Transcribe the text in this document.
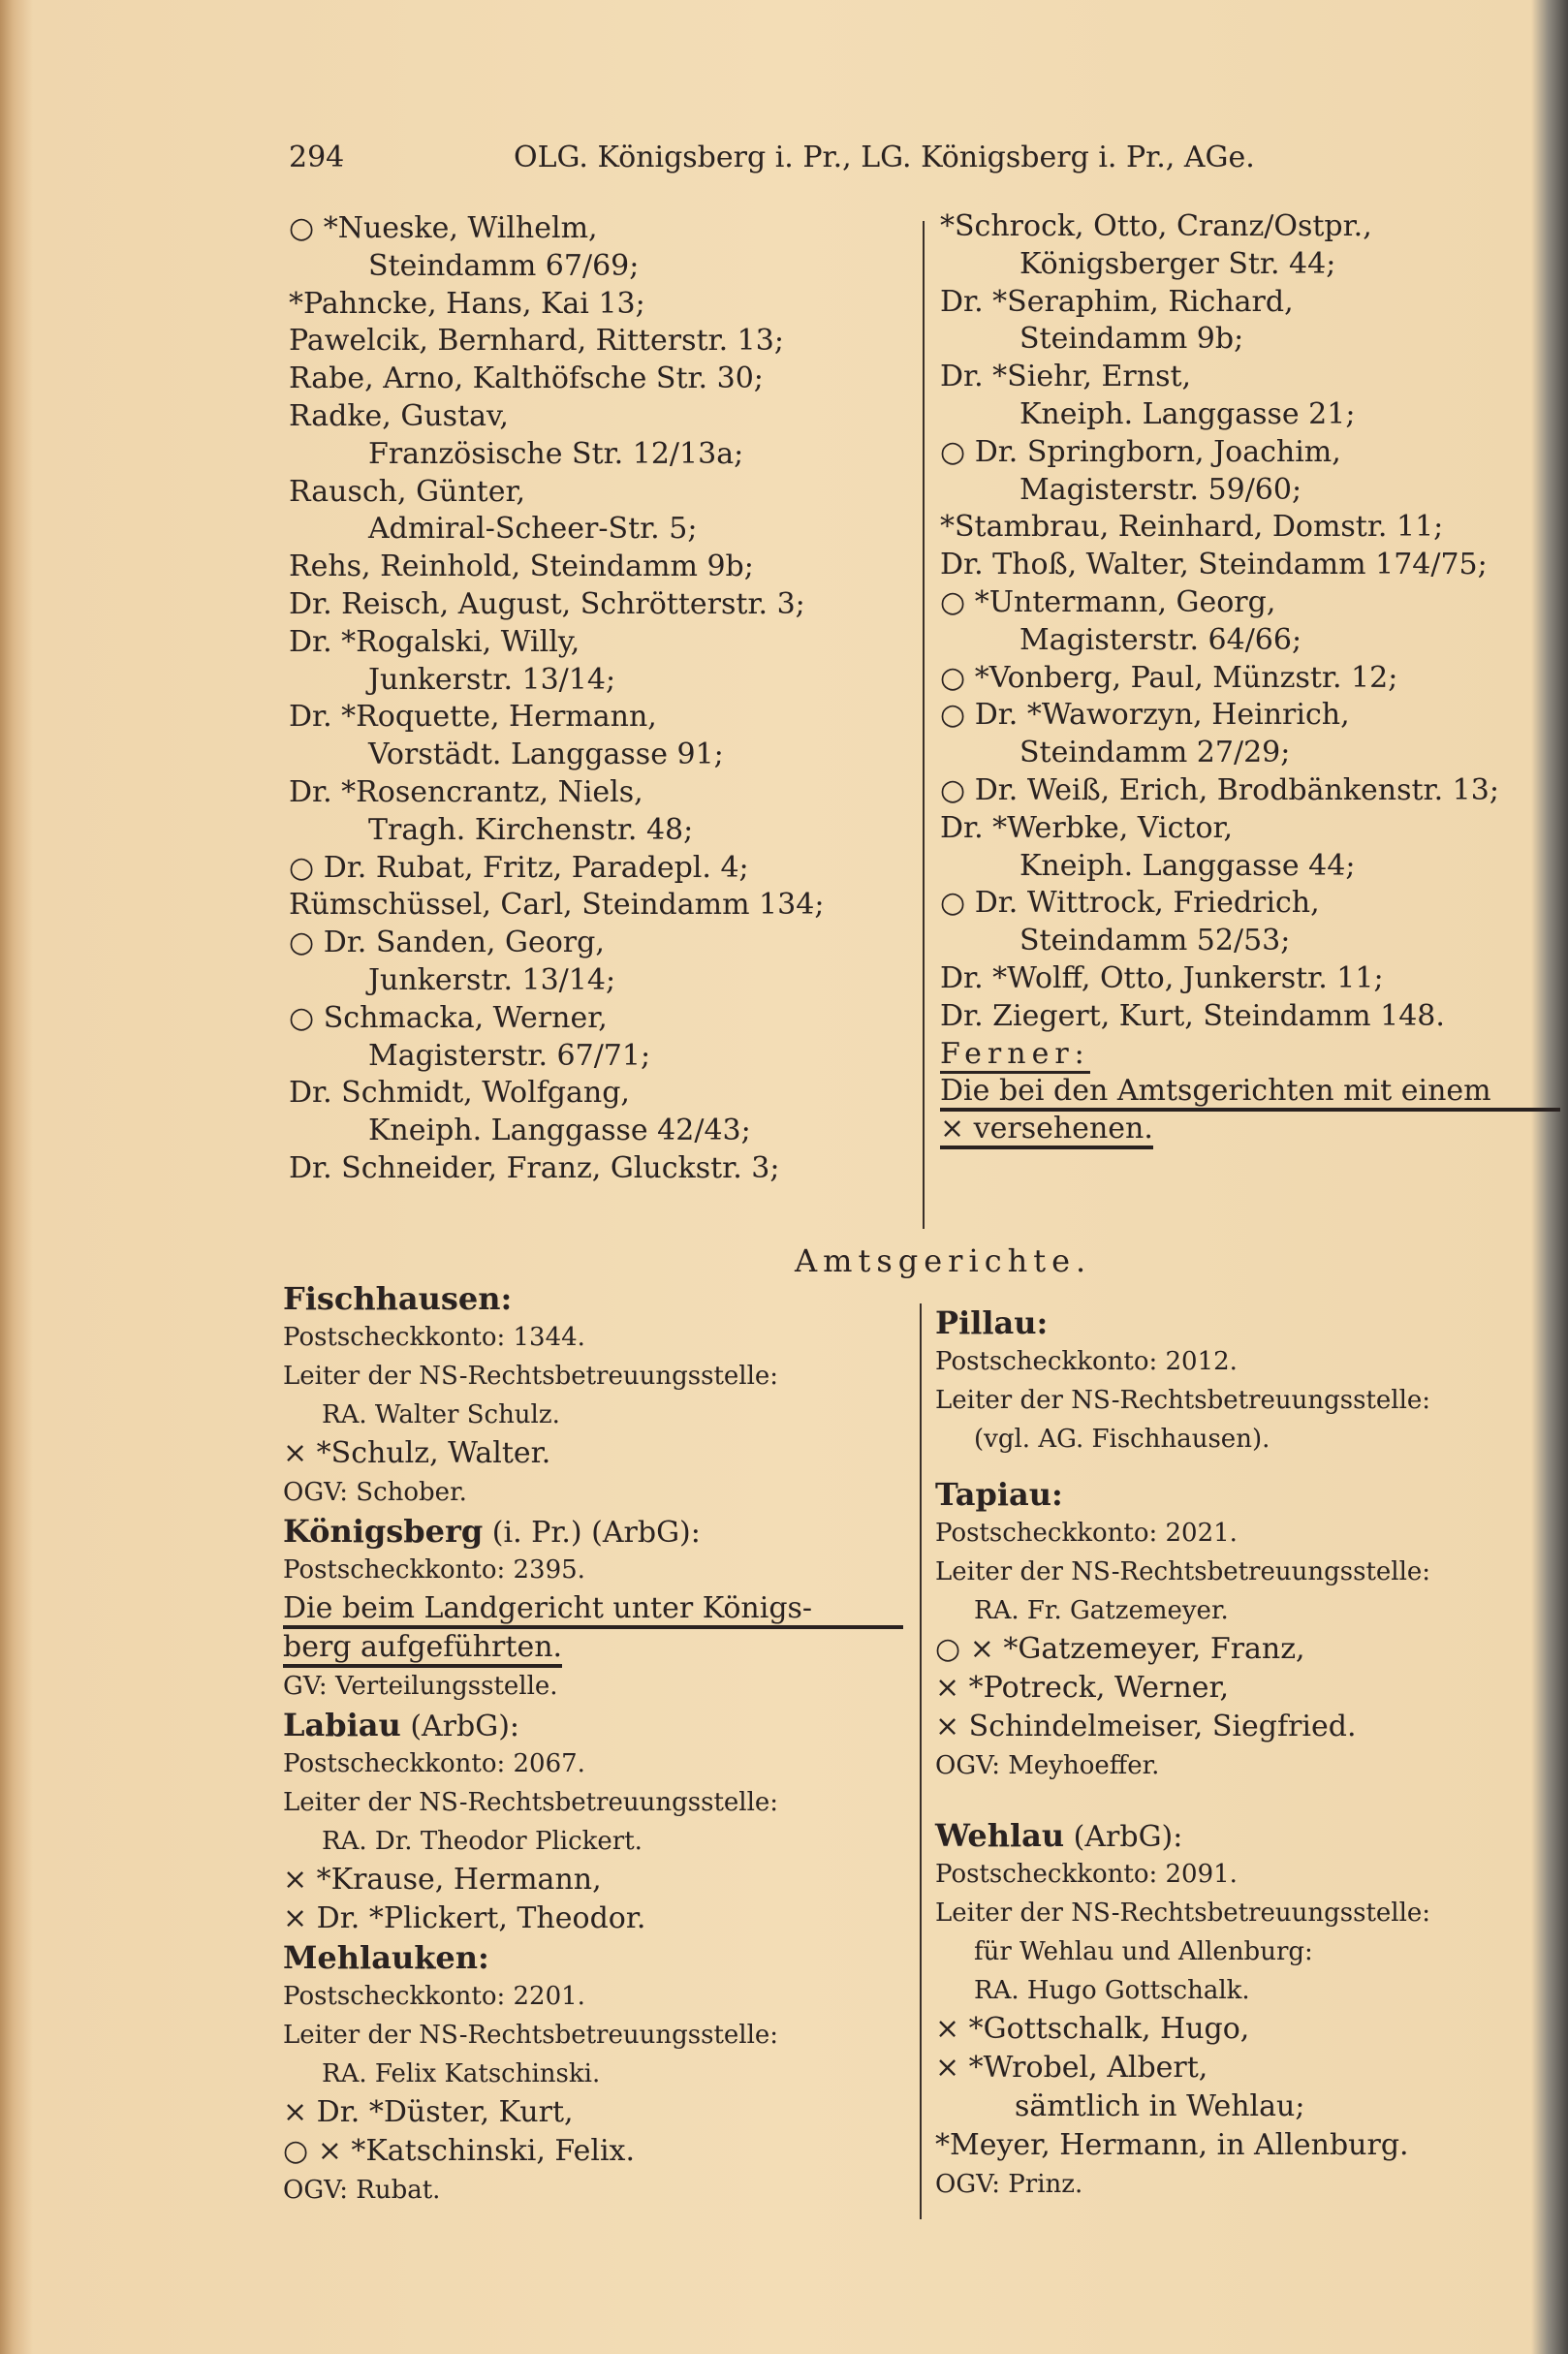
294	OLG. Königsberg i. Pr., LG. Königsberg i. Pr., AGe.
○ *Nueske, Wilhelm,
Steindamm 67/69;
*Pahncke, Hans, Kai 13;
Pawelcik, Bernhard, Ritterstr. 13;
Rabe, Arno, Kalthöfsche Str. 30;
Radke, Gustav,
Französische Str. 12/13a;
Rausch, Günter,
Admiral-Scheer-Str. 5;
Rehs, Reinhold, Steindamm 9b;
Dr. Reisch, August, Schrötterstr. 3;
Dr. *Rogalski, Willy,
Junkerstr. 13/14;
Dr. *Roquette, Hermann,
Vorstädt. Langgasse 91;
Dr. *Rosencrantz, Niels,
Tragh. Kirchenstr. 48;
○ Dr. Rubat, Fritz, Paradepl. 4;
Rümschüssel, Carl, Steindamm 134;
○ Dr. Sanden, Georg,
Junkerstr. 13/14;
○ Schmacka, Werner,
Magisterstr. 67/71;
Dr. Schmidt, Wolfgang,
Kneiph. Langgasse 42/43;
Dr. Schneider, Franz, Gluckstr. 3;
*Schrock, Otto, Cranz/Ostpr.,
Königsberger Str. 44;
Dr. *Seraphim, Richard,
Steindamm 9b;
Dr. *Siehr, Ernst,
Kneiph. Langgasse 21;
○ Dr. Springborn, Joachim,
Magisterstr. 59/60;
*Stambrau, Reinhard, Domstr. 11;
Dr. Thoß, Walter, Steindamm 174/75;
○ *Untermann, Georg,
Magisterstr. 64/66;
○ *Vonberg, Paul, Münzstr. 12;
○ Dr. *Waworzyn, Heinrich,
Steindamm 27/29;
○ Dr. Weiß, Erich, Brodbänkenstr. 13;
Dr. *Werbke, Victor,
Kneiph. Langgasse 44;
○ Dr. Wittrock, Friedrich,
Steindamm 52/53;
Dr. *Wolff, Otto, Junkerstr. 11;
Dr. Ziegert, Kurt, Steindamm 148.
Ferner:
Die bei den Amtsgerichten mit einem
× versehenen.
Amtsgerichte.
Fischhausen:
Postscheckkonto: 1344.
Leiter der NS-Rechtsbetreuungsstelle:
RA. Walter Schulz.
× *Schulz, Walter.
OGV: Schober.
Königsberg (i. Pr.) (ArbG):
Postscheckkonto: 2395.
Die beim Landgericht unter Königs-
berg aufgeführten.
GV: Verteilungsstelle.
Labiau (ArbG):
Postscheckkonto: 2067.
Leiter der NS-Rechtsbetreuungsstelle:
RA. Dr. Theodor Plickert.
× *Krause, Hermann,
× Dr. *Plickert, Theodor.
Mehlauken:
Postscheckkonto: 2201.
Leiter der NS-Rechtsbetreuungsstelle:
RA. Felix Katschinski.
× Dr. *Düster, Kurt,
○ × *Katschinski, Felix.
OGV: Rubat.
Pillau:
Postscheckkonto: 2012.
Leiter der NS-Rechtsbetreuungsstelle:
(vgl. AG. Fischhausen).
Tapiau:
Postscheckkonto: 2021.
Leiter der NS-Rechtsbetreuungsstelle:
RA. Fr. Gatzemeyer.
○ × *Gatzemeyer, Franz,
× *Potreck, Werner,
× Schindelmeiser, Siegfried.
OGV: Meyhoeffer.
Wehlau (ArbG):
Postscheckkonto: 2091.
Leiter der NS-Rechtsbetreuungsstelle:
für Wehlau und Allenburg:
RA. Hugo Gottschalk.
× *Gottschalk, Hugo,
× *Wrobel, Albert,
sämtlich in Wehlau;
*Meyer, Hermann, in Allenburg.
OGV: Prinz.
